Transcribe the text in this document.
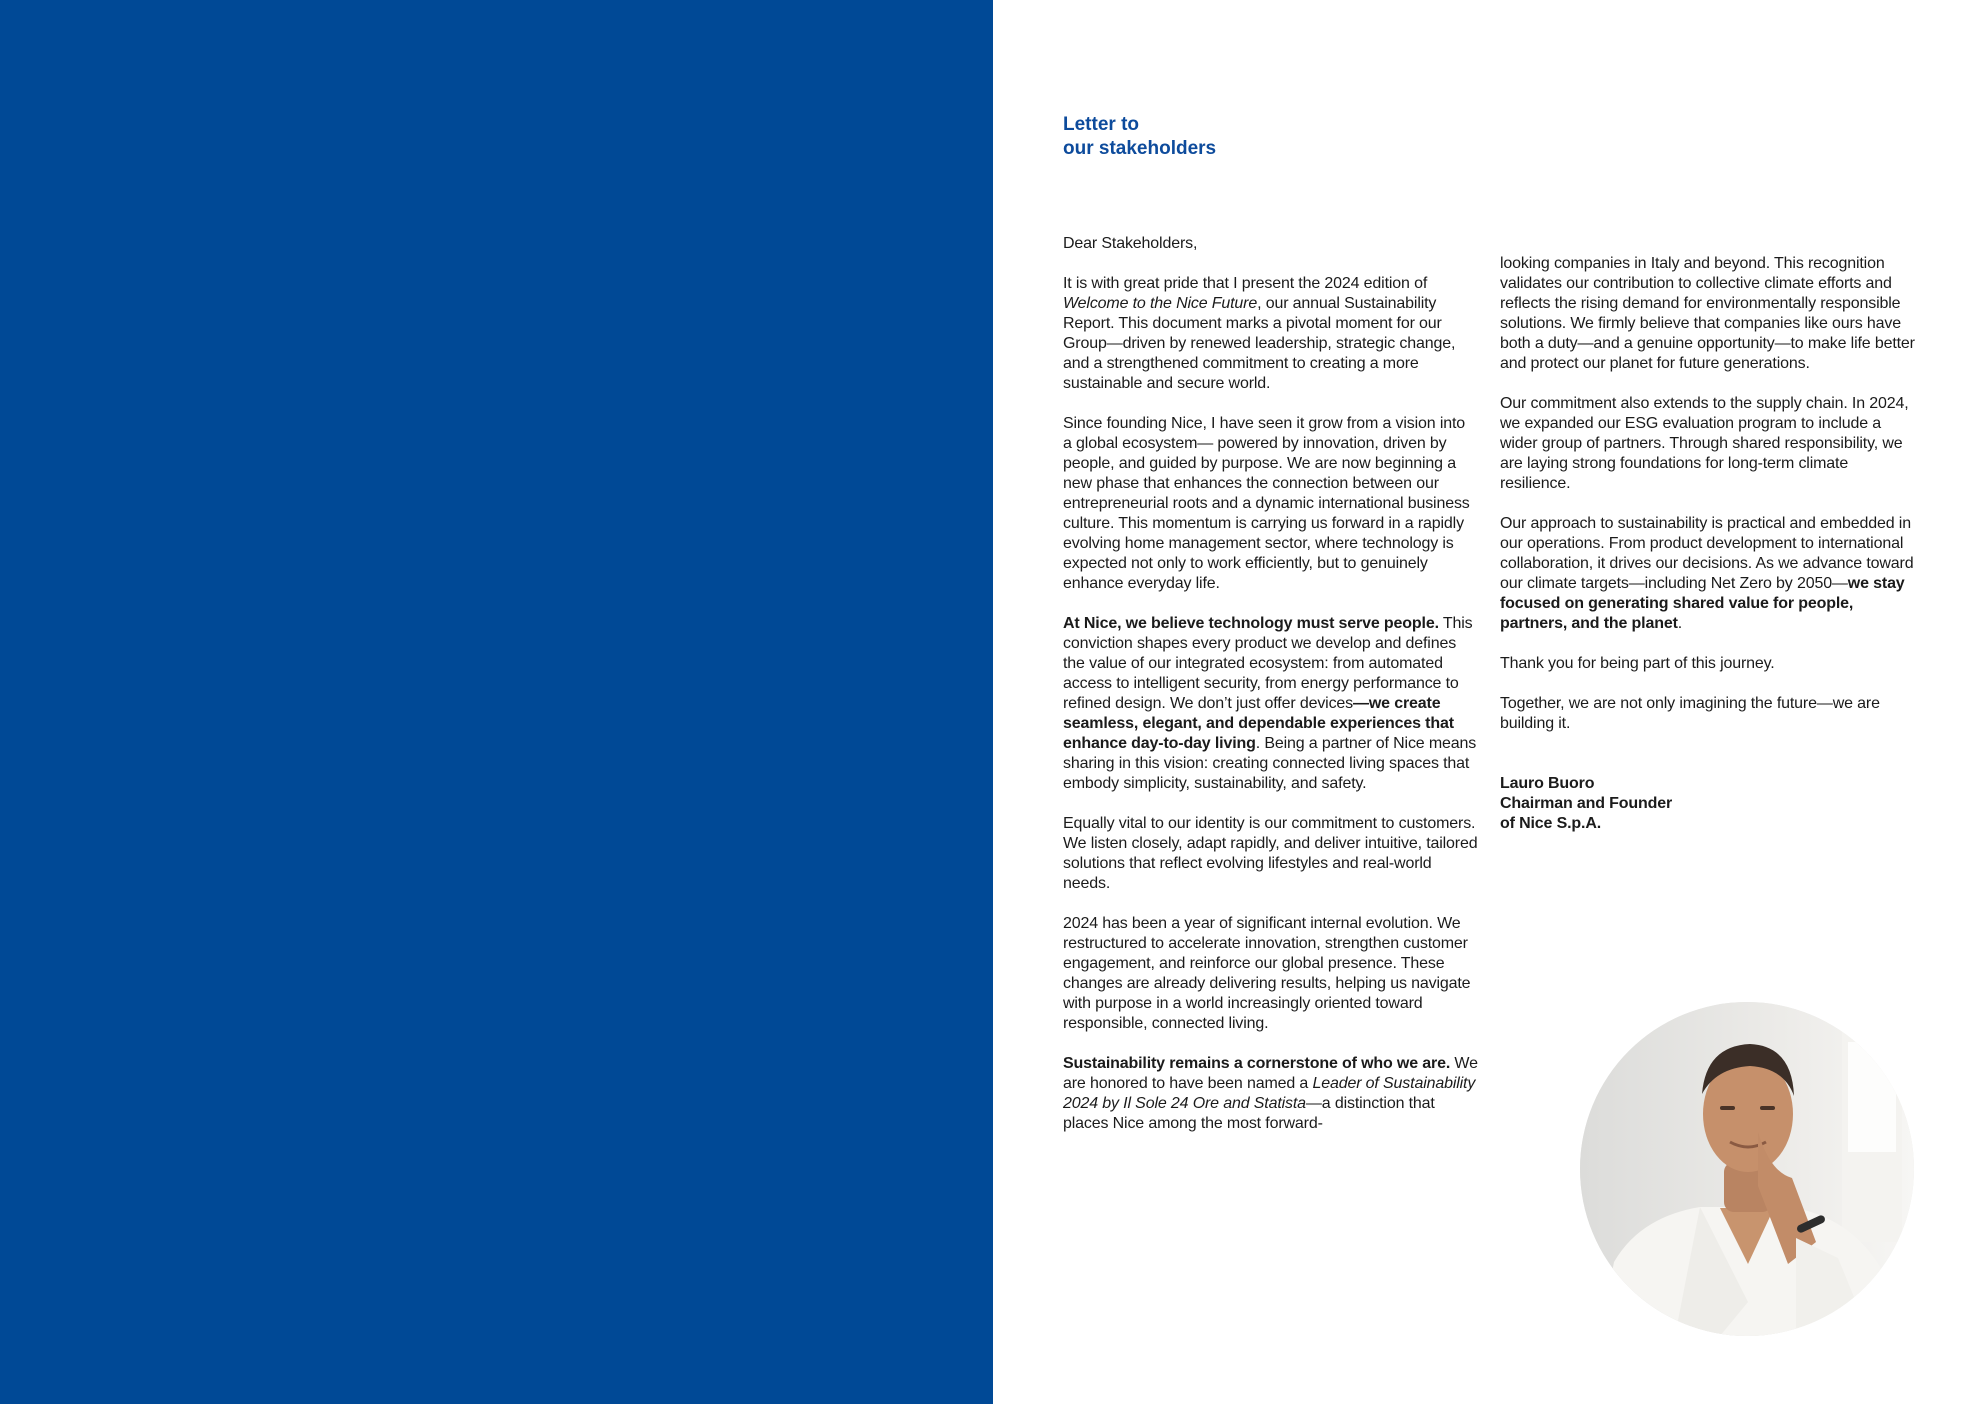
Letter to
our stakeholders

Dear Stakeholders,

It is with great pride that I present the 2024 edition of Welcome to the Nice Future, our annual Sustainability Report. This document marks a pivotal moment for our Group—driven by renewed leadership, strategic change, and a strengthened commitment to creating a more sustainable and secure world.

Since founding Nice, I have seen it grow from a vision into a global ecosystem— powered by innovation, driven by people, and guided by purpose. We are now beginning a new phase that enhances the connection between our entrepreneurial roots and a dynamic international business culture. This momentum is carrying us forward in a rapidly evolving home management sector, where technology is expected not only to work efficiently, but to genuinely enhance everyday life.

At Nice, we believe technology must serve people. This conviction shapes every product we develop and defines the value of our integrated ecosystem: from automated access to intelligent security, from energy performance to refined design. We don’t just offer devices—we create seamless, elegant, and dependable experiences that enhance day-to-day living. Being a partner of Nice means sharing in this vision: creating connected living spaces that embody simplicity, sustainability, and safety.

Equally vital to our identity is our commitment to customers. We listen closely, adapt rapidly, and deliver intuitive, tailored solutions that reflect evolving lifestyles and real-world needs.

2024 has been a year of significant internal evolution. We restructured to accelerate innovation, strengthen customer engagement, and reinforce our global presence. These changes are already delivering results, helping us navigate with purpose in a world increasingly oriented toward responsible, connected living.

Sustainability remains a cornerstone of who we are. We are honored to have been named a Leader of Sustainability 2024 by Il Sole 24 Ore and Statista—a distinction that places Nice among the most forward-

looking companies in Italy and beyond. This recognition validates our contribution to collective climate efforts and reflects the rising demand for environmentally responsible solutions. We firmly believe that companies like ours have both a duty—and a genuine opportunity—to make life better and protect our planet for future generations.

Our commitment also extends to the supply chain. In 2024, we expanded our ESG evaluation program to include a wider group of partners. Through shared responsibility, we are laying strong foundations for long-term climate resilience.

Our approach to sustainability is practical and embedded in our operations. From product development to international collaboration, it drives our decisions. As we advance toward our climate targets—including Net Zero by 2050—we stay focused on generating shared value for people, partners, and the planet.

Thank you for being part of this journey.

Together, we are not only imagining the future—we are building it.

Lauro Buoro
Chairman and Founder
of Nice S.p.A.
